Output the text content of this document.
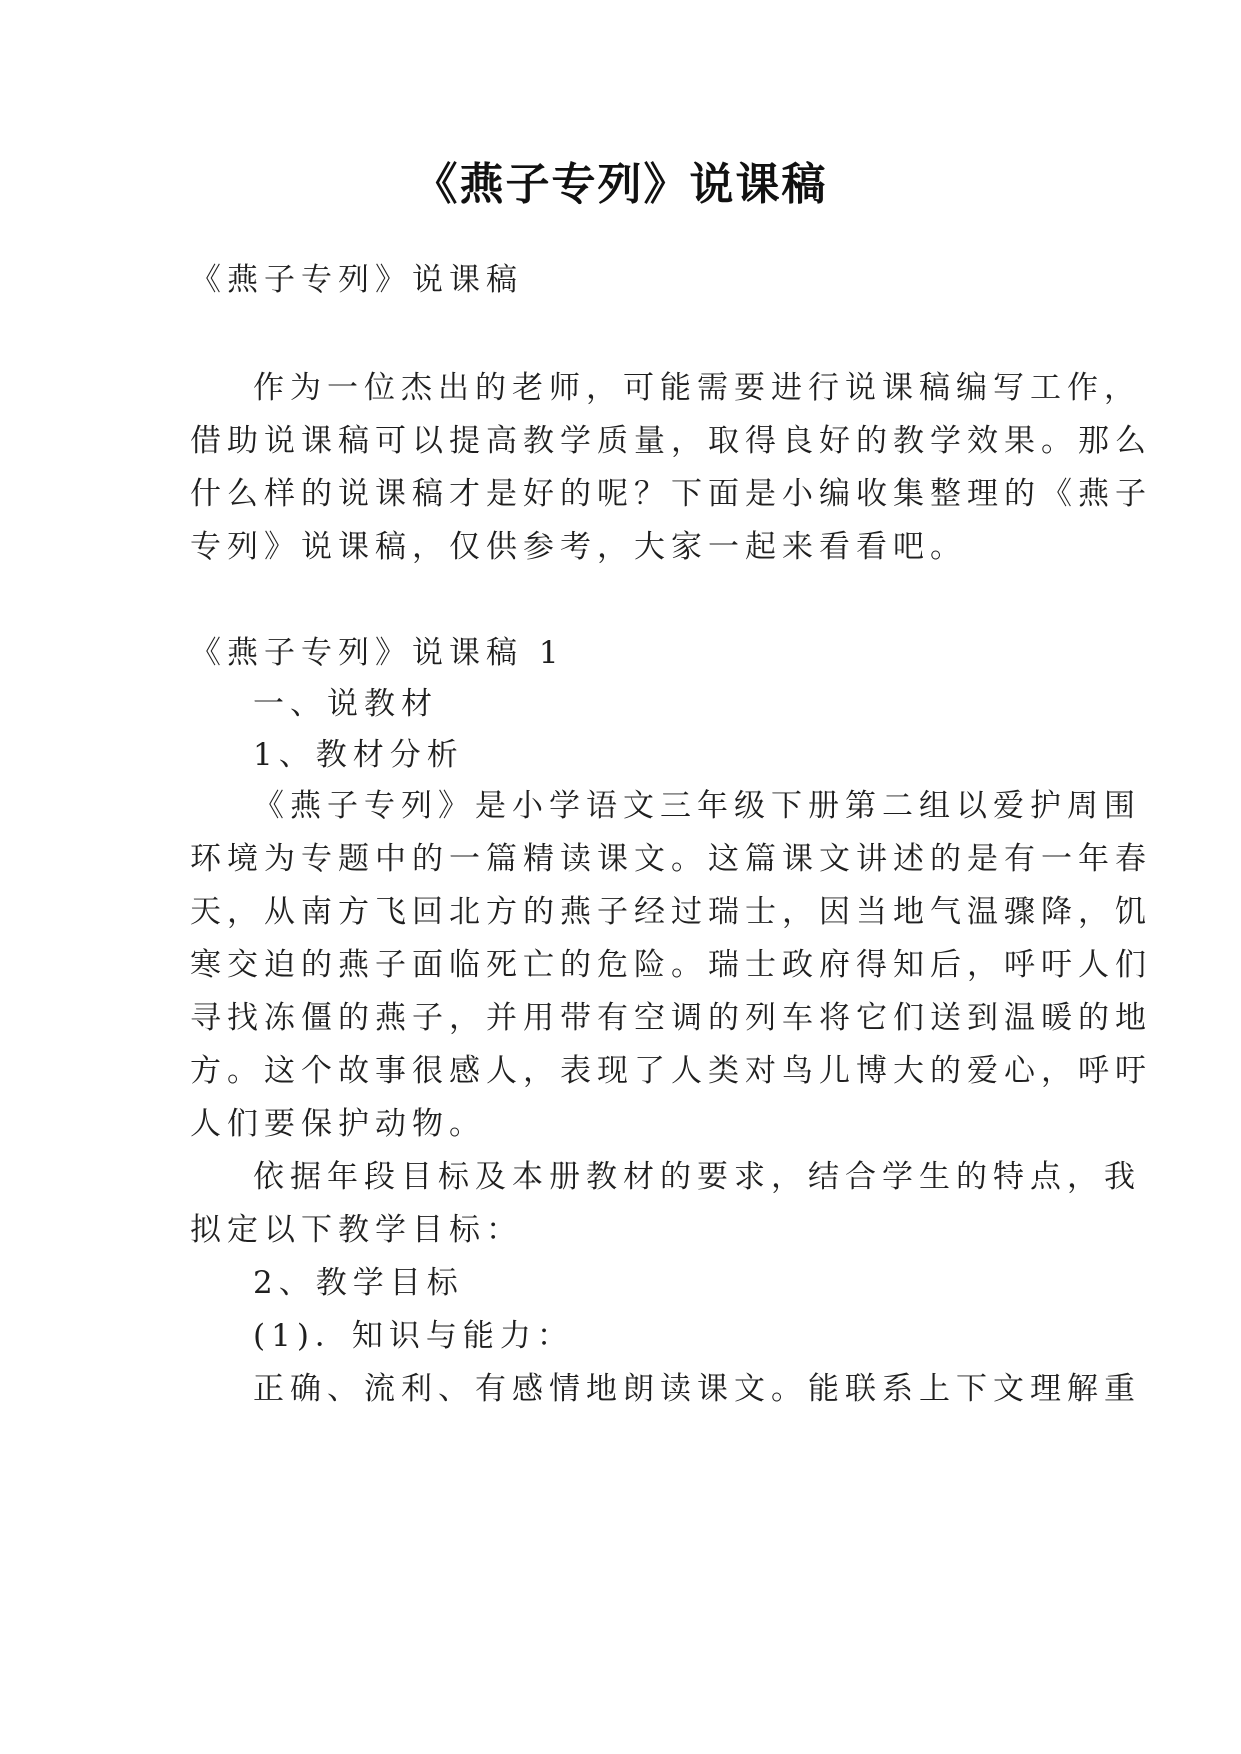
《燕子专列》说课稿
《燕子专列》说课稿
作为一位杰出的老师，可能需要进行说课稿编写工作，
借助说课稿可以提高教学质量，取得良好的教学效果。那么
什么样的说课稿才是好的呢？下面是小编收集整理的《燕子
专列》说课稿，仅供参考，大家一起来看看吧。
《燕子专列》说课稿 1
一、说教材
1、教材分析
《燕子专列》是小学语文三年级下册第二组以爱护周围
环境为专题中的一篇精读课文。这篇课文讲述的是有一年春
天，从南方飞回北方的燕子经过瑞士，因当地气温骤降，饥
寒交迫的燕子面临死亡的危险。瑞士政府得知后，呼吁人们
寻找冻僵的燕子，并用带有空调的列车将它们送到温暖的地
方。这个故事很感人，表现了人类对鸟儿博大的爱心，呼吁
人们要保护动物。
依据年段目标及本册教材的要求，结合学生的特点，我
拟定以下教学目标：
2、教学目标
(1)．知识与能力：
正确、流利、有感情地朗读课文。能联系上下文理解重
